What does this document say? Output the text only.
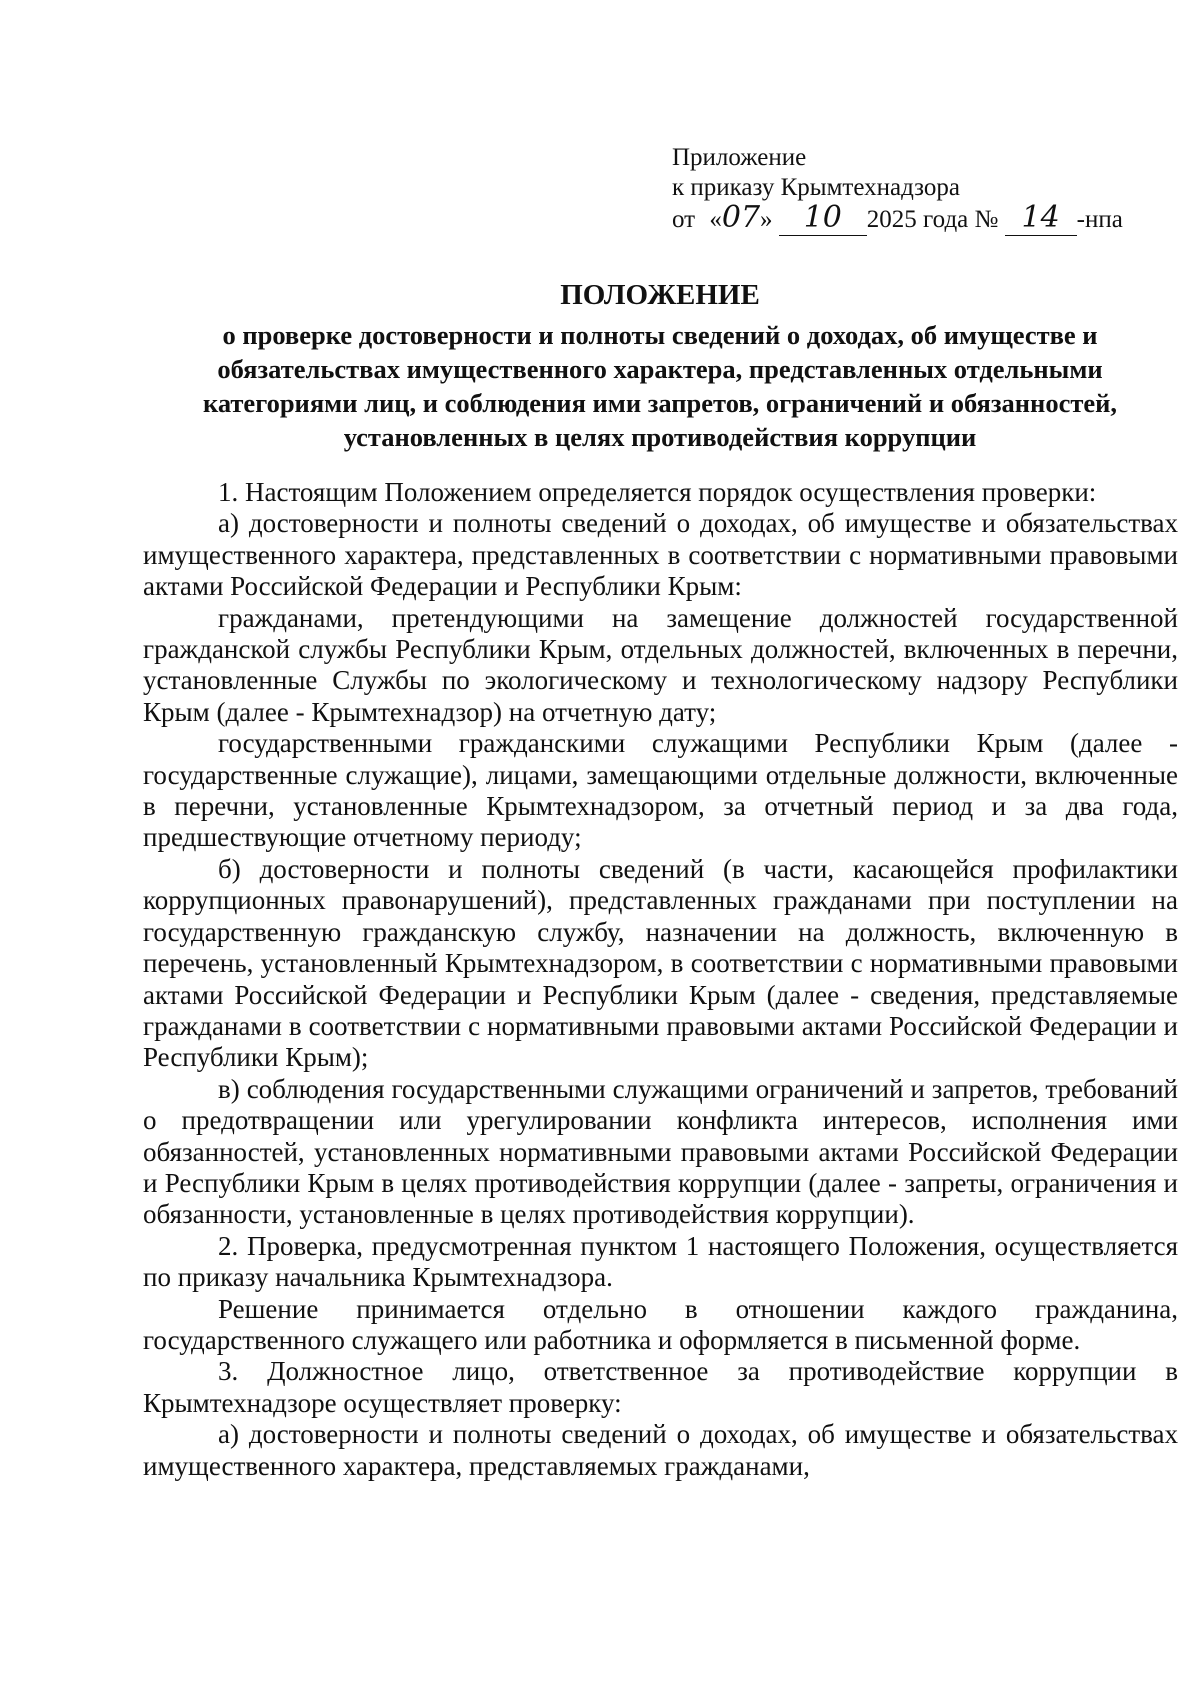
Приложение
к приказу Крымтехнадзора
от «07» 10 2025 года № 14 -нпа
ПОЛОЖЕНИЕ
о проверке достоверности и полноты сведений о доходах, об имуществе и обязательствах имущественного характера, представленных отдельными категориями лиц, и соблюдения ими запретов, ограничений и обязанностей, установленных в целях противодействия коррупции

1. Настоящим Положением определяется порядок осуществления проверки:

а) достоверности и полноты сведений о доходах, об имуществе и обязательствах имущественного характера, представленных в соответствии с нормативными правовыми актами Российской Федерации и Республики Крым:

гражданами, претендующими на замещение должностей государственной гражданской службы Республики Крым, отдельных должностей, включенных в перечни, установленные Службы по экологическому и технологическому надзору Республики Крым (далее - Крымтехнадзор) на отчетную дату;

государственными гражданскими служащими Республики Крым (далее - государственные служащие), лицами, замещающими отдельные должности, включенные в перечни, установленные Крымтехнадзором, за отчетный период и за два года, предшествующие отчетному периоду;

б) достоверности и полноты сведений (в части, касающейся профилактики коррупционных правонарушений), представленных гражданами при поступлении на государственную гражданскую службу, назначении на должность, включенную в перечень, установленный Крымтехнадзором, в соответствии с нормативными правовыми актами Российской Федерации и Республики Крым (далее - сведения, представляемые гражданами в соответствии с нормативными правовыми актами Российской Федерации и Республики Крым);

в) соблюдения государственными служащими ограничений и запретов, требований о предотвращении или урегулировании конфликта интересов, исполнения ими обязанностей, установленных нормативными правовыми актами Российской Федерации и Республики Крым в целях противодействия коррупции (далее - запреты, ограничения и обязанности, установленные в целях противодействия коррупции).

2. Проверка, предусмотренная пунктом 1 настоящего Положения, осуществляется по приказу начальника Крымтехнадзора.

Решение принимается отдельно в отношении каждого гражданина, государственного служащего или работника и оформляется в письменной форме.

3. Должностное лицо, ответственное за противодействие коррупции в Крымтехнадзоре осуществляет проверку:

а) достоверности и полноты сведений о доходах, об имуществе и обязательствах имущественного характера, представляемых гражданами,
